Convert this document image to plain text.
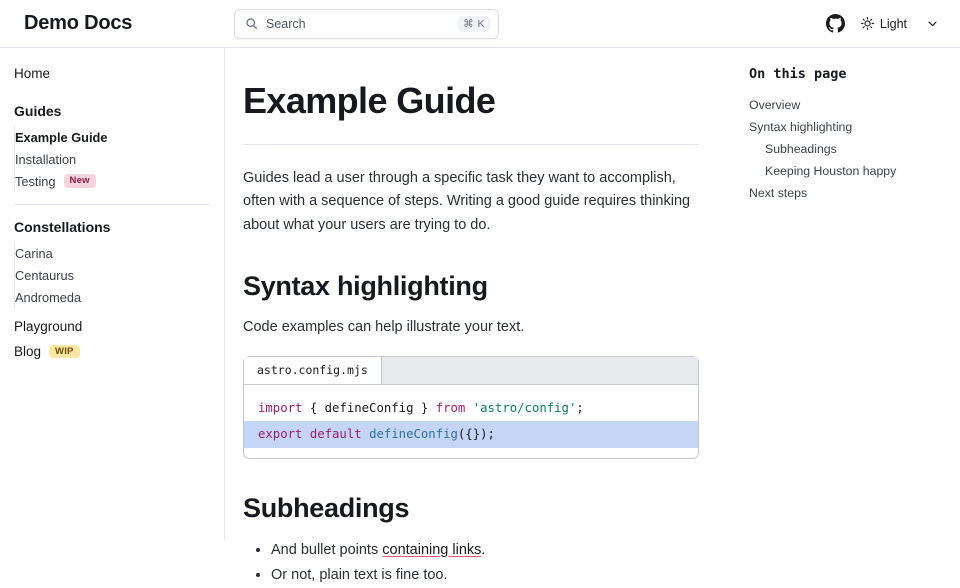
Demo Docs	Search	⌘ K	Light
Home
Guides
Example Guide
Installation
Testing	New
Constellations
Carina
Centaurus
Andromeda
Playground
Blog	WIP
Example Guide

Guides lead a user through a specific task they want to accomplish, often with a sequence of steps. Writing a good guide requires thinking about what your users are trying to do.

Syntax highlighting

Code examples can help illustrate your text.

astro.config.mjs
import { defineConfig } from 'astro/config';
export default defineConfig({});
Subheadings
• And bullet points containing links.
• Or not, plain text is fine too.
On this page
Overview
Syntax highlighting
Subheadings
Keeping Houston happy
Next steps
